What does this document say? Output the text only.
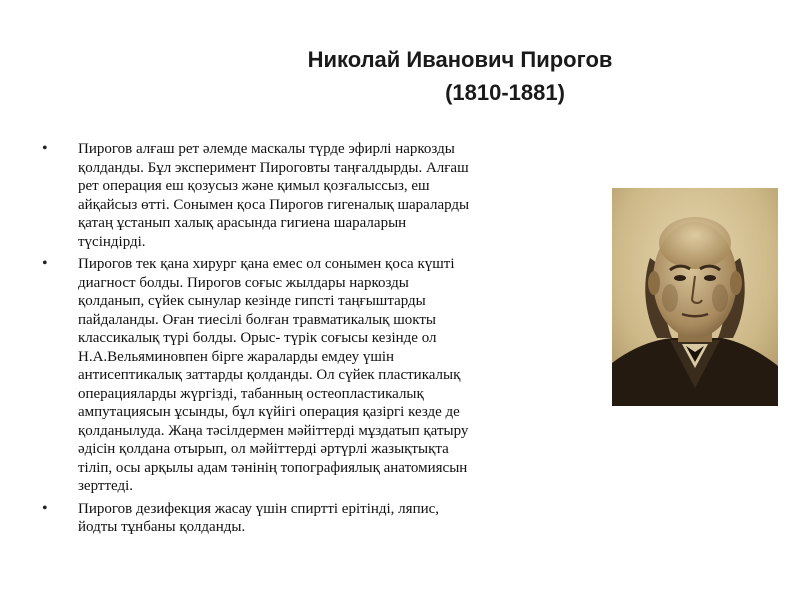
Николай Иванович Пирогов
(1810-1881)
• Пирогов алғаш рет әлемде маскалы түрде эфирлі наркозды
қолданды. Бұл эксперимент Пироговты таңғалдырды. Алғаш
рет операция еш қозусыз және қимыл қозғалыссыз, еш
айқайсыз өтті. Сонымен қоса Пирогов гигеналық шараларды
қатаң ұстанып халық арасында гигиена шараларын
түсіндірді.
• Пирогов тек қана хирург қана емес ол сонымен қоса күшті
диагност болды. Пирогов соғыс жылдары наркозды
қолданып, сүйек сынулар кезінде гипсті таңғыштарды
пайдаланды. Оған тиесілі болған травматикалық шокты
классикалық түрі болды. Орыс- түрік соғысы кезінде ол
Н.А.Вельяминовпен бірге жараларды емдеу үшін
антисептикалық заттарды қолданды. Ол сүйек пластикалық
операцияларды жүргізді, табанның остеопластикалық
ампутациясын ұсынды, бұл күйігі операция қазіргі кезде де
қолданылуда. Жаңа тәсілдермен мәйіттерді мұздатып қатыру
әдісін қолдана отырып, ол мәйіттерді әртүрлі жазықтықта
тіліп, осы арқылы адам тәнінің топографиялық анатомиясын
зерттеді.
• Пирогов дезифекция жасау үшін спиртті ерітінді, ляпис,
йодты тұнбаны қолданды.
